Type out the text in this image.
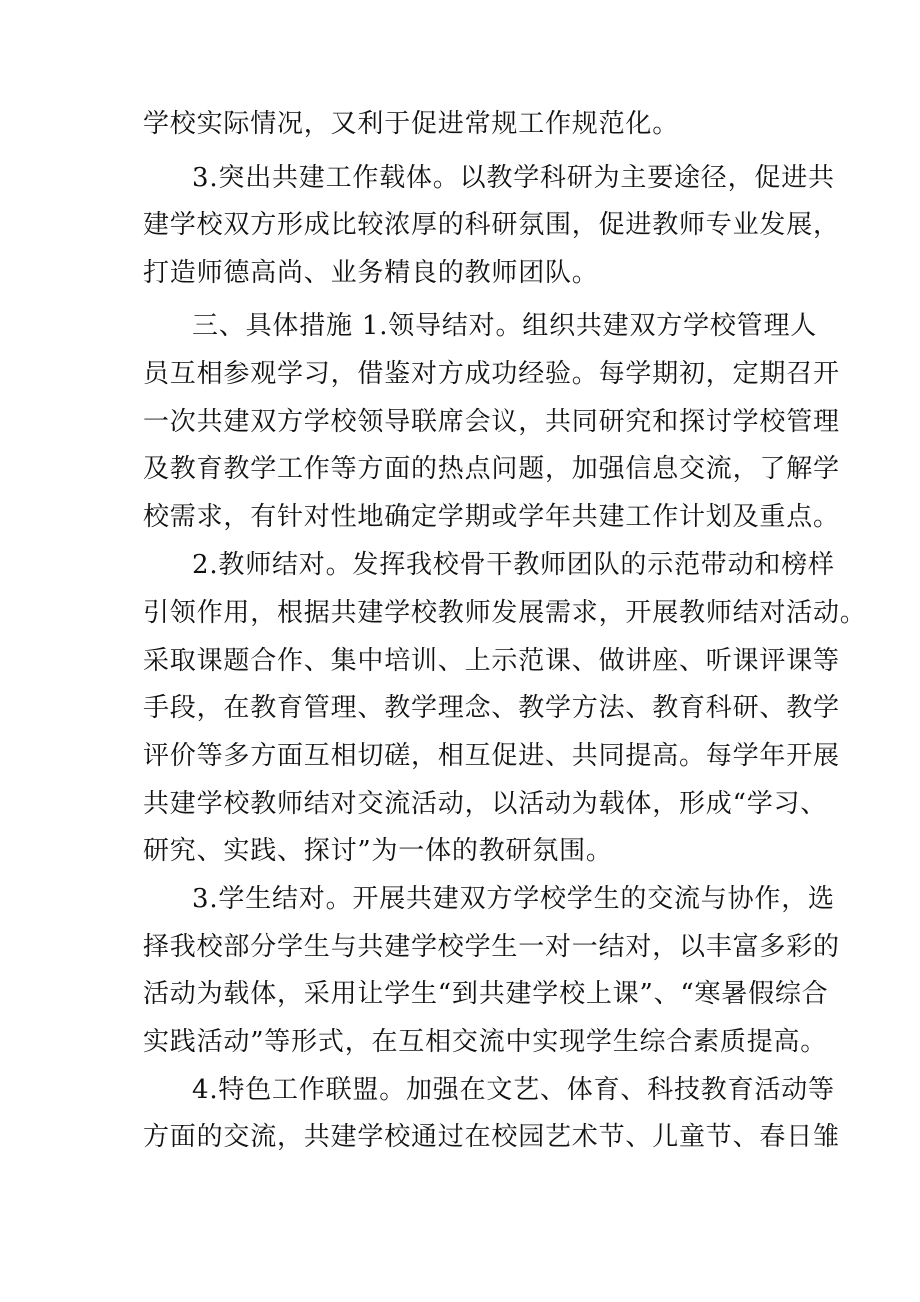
学校实际情况，又利于促进常规工作规范化。
3.突出共建工作载体。以教学科研为主要途径，促进共
建学校双方形成比较浓厚的科研氛围，促进教师专业发展，
打造师德高尚、业务精良的教师团队。
三、具体措施 1.领导结对。组织共建双方学校管理人
员互相参观学习，借鉴对方成功经验。每学期初，定期召开
一次共建双方学校领导联席会议，共同研究和探讨学校管理
及教育教学工作等方面的热点问题，加强信息交流，了解学
校需求，有针对性地确定学期或学年共建工作计划及重点。
2.教师结对。发挥我校骨干教师团队的示范带动和榜样
引领作用，根据共建学校教师发展需求，开展教师结对活动。
采取课题合作、集中培训、上示范课、做讲座、听课评课等
手段，在教育管理、教学理念、教学方法、教育科研、教学
评价等多方面互相切磋，相互促进、共同提高。每学年开展
共建学校教师结对交流活动，以活动为载体，形成“学习、
研究、实践、探讨”为一体的教研氛围。
3.学生结对。开展共建双方学校学生的交流与协作，选
择我校部分学生与共建学校学生一对一结对，以丰富多彩的
活动为载体，采用让学生“到共建学校上课”、“寒暑假综合
实践活动”等形式，在互相交流中实现学生综合素质提高。
4.特色工作联盟。加强在文艺、体育、科技教育活动等
方面的交流，共建学校通过在校园艺术节、儿童节、春日雏
